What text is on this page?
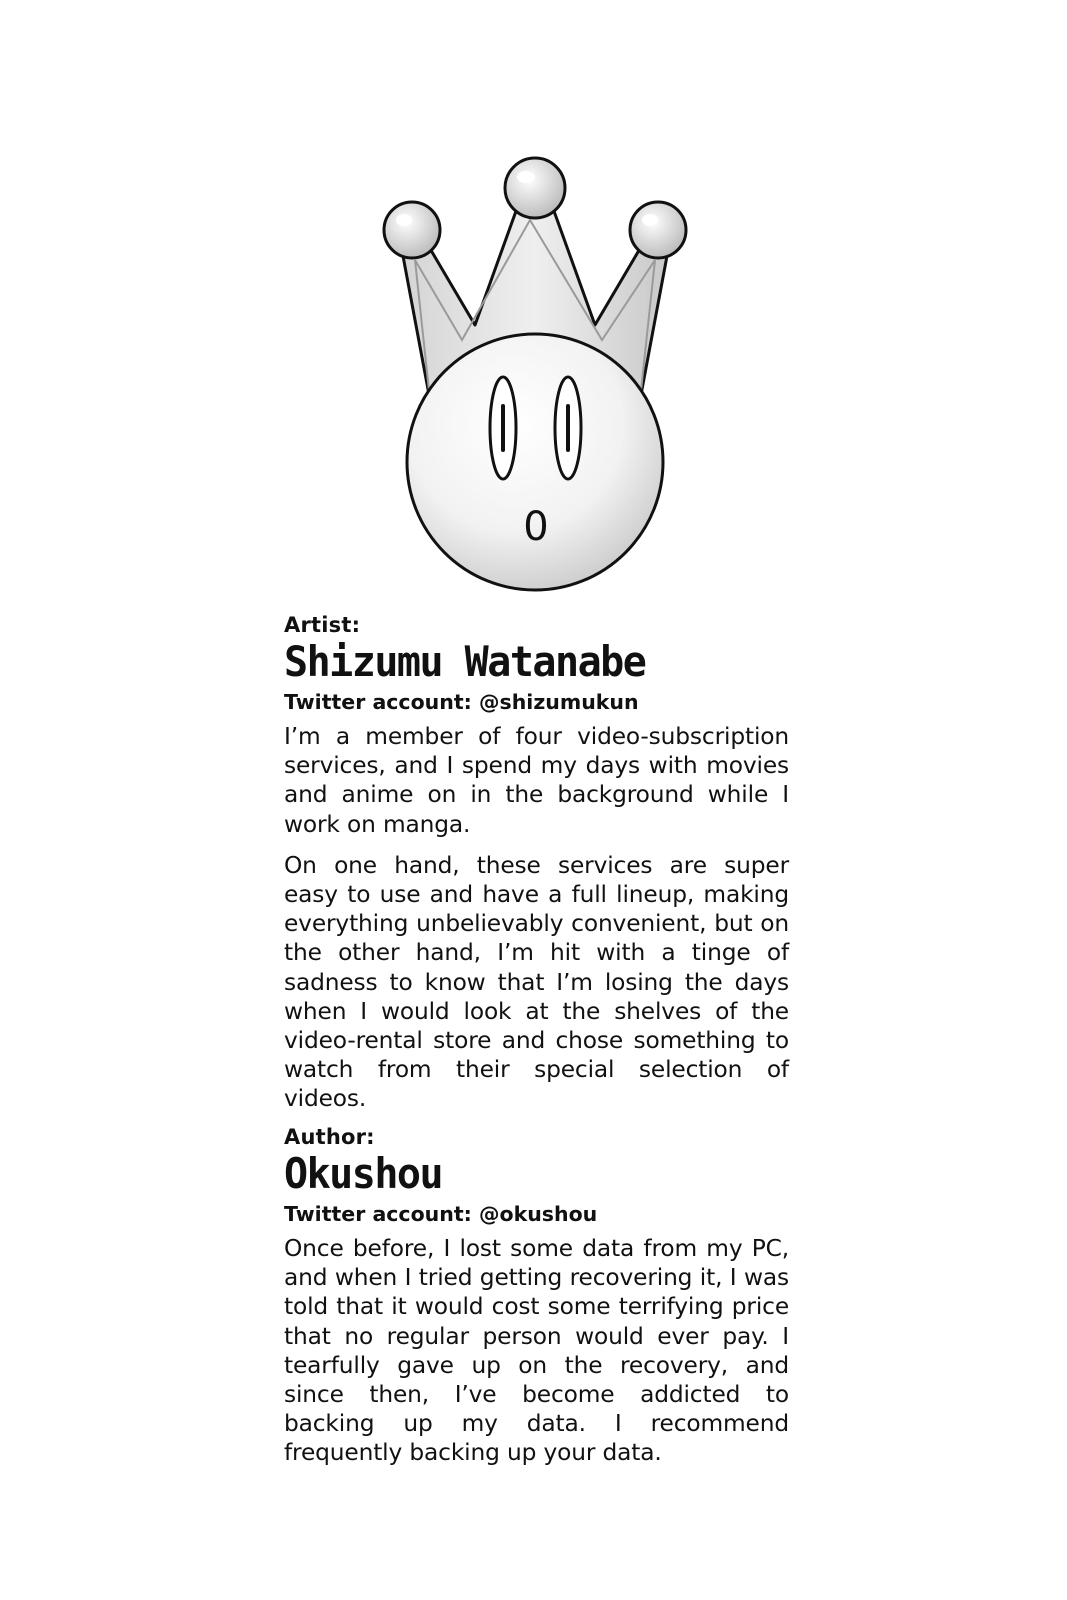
0

Artist:

Shizumu Watanabe

Twitter account: @shizumukun

I’m a member of four video-subscription services, and I spend my days with movies and anime on in the background while I work on manga.

On one hand, these services are super easy to use and have a full lineup, making everything unbelievably convenient, but on the other hand, I’m hit with a tinge of sadness to know that I’m losing the days when I would look at the shelves of the video-rental store and chose something to watch from their special selection of videos.

Author:

Okushou

Twitter account: @okushou

Once before, I lost some data from my PC, and when I tried getting recovering it, I was told that it would cost some terrifying price that no regular person would ever pay. I tearfully gave up on the recovery, and since then, I’ve become addicted to backing up my data. I recommend frequently backing up your data.
